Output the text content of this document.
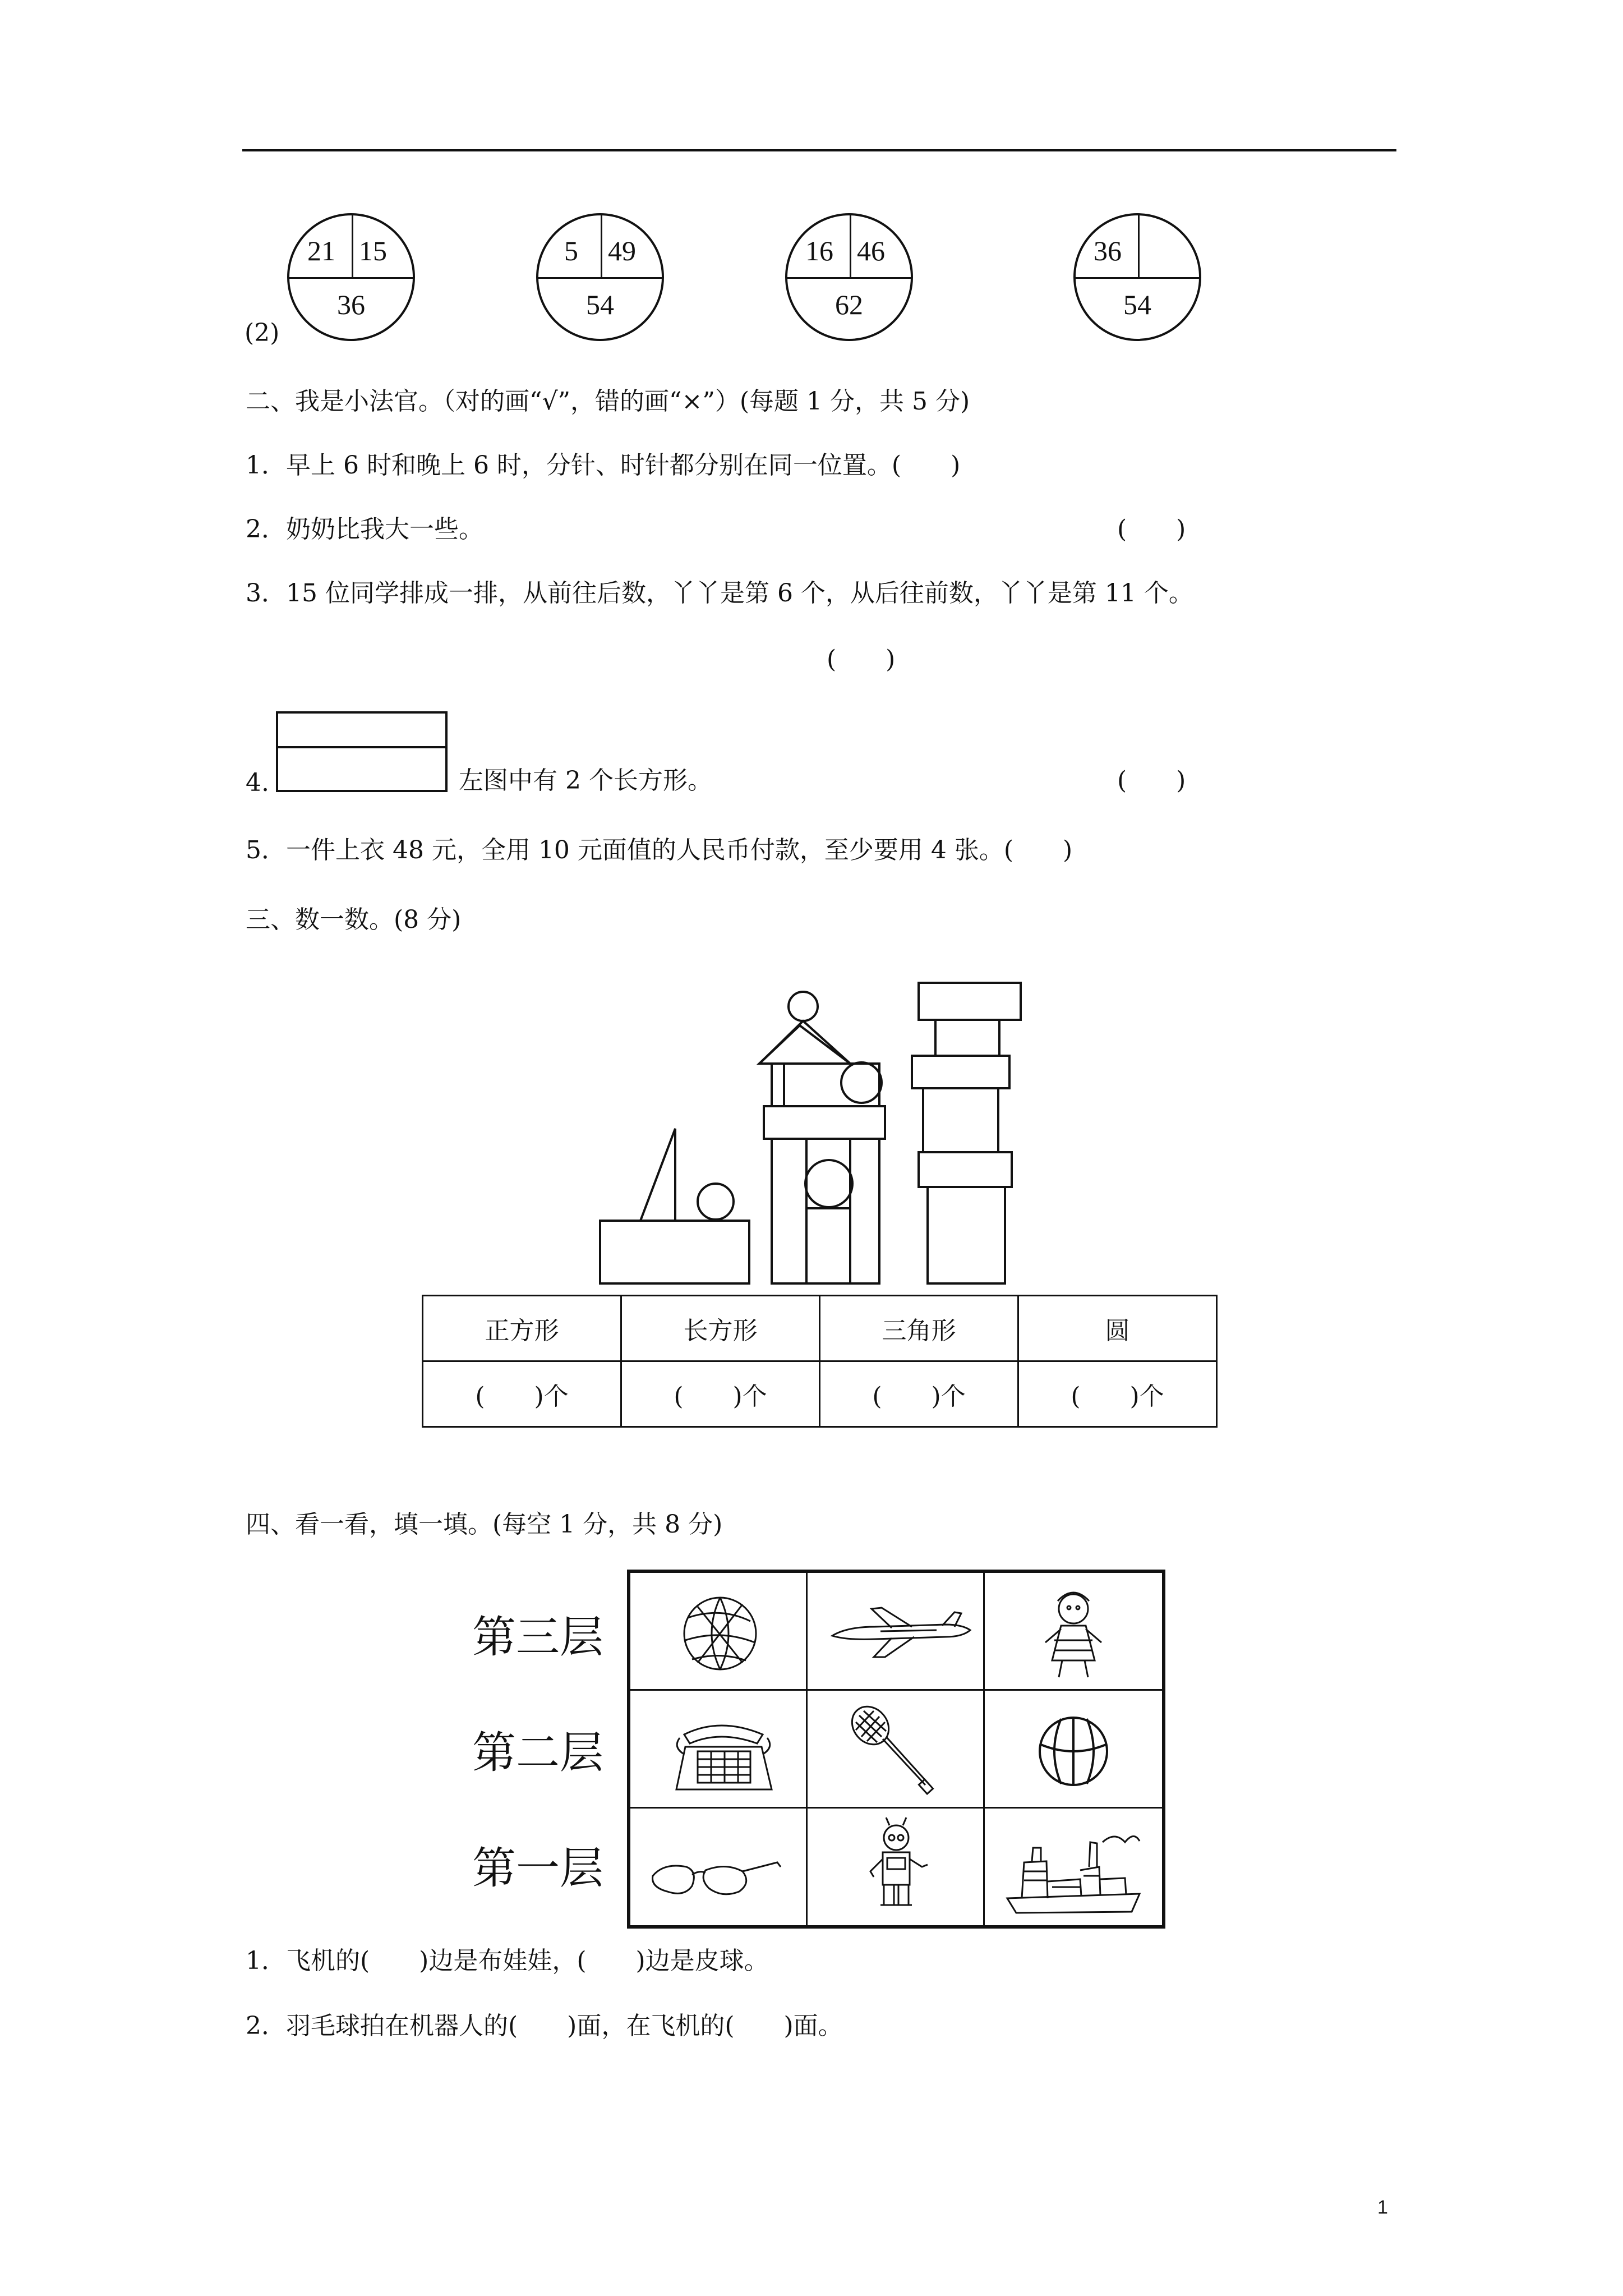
(2)
21 15
36
5 49
54
16 46
62
36
54
二、我是小法官。（对的画“√”，错的画“×”）(每题 1 分，共 5 分)
1．早上 6 时和晚上 6 时，分针、时针都分别在同一位置。(　　)
2．奶奶比我大一些。	(　　)
3．15 位同学排成一排，从前往后数，丫丫是第 6 个，从后往前数，丫丫是第 11 个。
(　　)
4.	左图中有 2 个长方形。	(　　)
5．一件上衣 48 元，全用 10 元面值的人民币付款，至少要用 4 张。(　　)
三、数一数。(8 分)
正方形	长方形	三角形	圆
(　　)个	(　　)个	(　　)个	(　　)个
四、看一看，填一填。(每空 1 分，共 8 分)
第三层
第二层
第一层
1．飞机的(　　)边是布娃娃，(　　)边是皮球。
2．羽毛球拍在机器人的(　　)面，在飞机的(　　)面。
1
